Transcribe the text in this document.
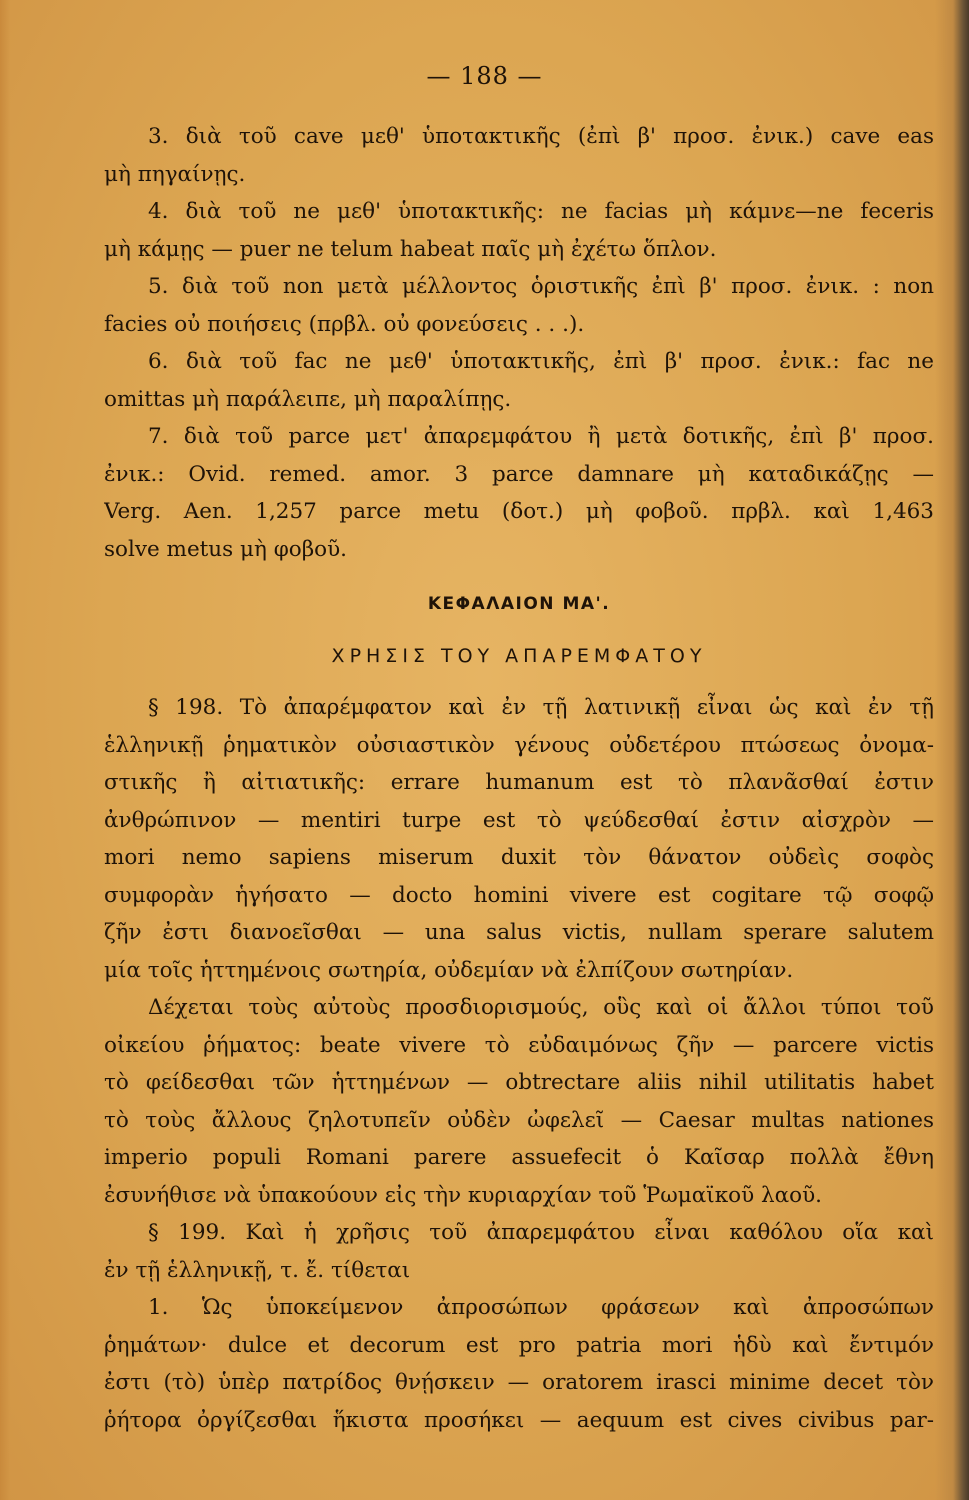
— 188 —
3. διὰ τοῦ cave μεθ' ὑποτακτικῆς (ἐπὶ β' προσ. ἐνικ.) cave eas
μὴ πηγαίνῃς.
4. διὰ τοῦ ne μεθ' ὑποτακτικῆς: ne facias μὴ κάμνε—ne feceris
μὴ κάμῃς — puer ne telum habeat παῖς μὴ ἐχέτω ὅπλον.
5. διὰ τοῦ non μετὰ μέλλοντος ὁριστικῆς ἐπὶ β' προσ. ἐνικ. : non
facies οὐ ποιήσεις (πρβλ. οὐ φονεύσεις . . .).
6. διὰ τοῦ fac ne μεθ' ὑποτακτικῆς, ἐπὶ β' προσ. ἐνικ.: fac ne
omittas μὴ παράλειπε, μὴ παραλίπῃς.
7. διὰ τοῦ parce μετ' ἀπαρεμφάτου ἢ μετὰ δοτικῆς, ἐπὶ β' προσ.
ἐνικ.: Ovid. remed. amor. 3 parce damnare μὴ καταδικάζῃς —
Verg. Aen. 1,257 parce metu (δοτ.) μὴ φοβοῦ. πρβλ. καὶ 1,463
solve metus μὴ φοβοῦ.
ΚΕΦΑΛΑΙΟΝ ΜΑ'.
ΧΡΗΣΙΣ ΤΟΥ ΑΠΑΡΕΜΦΑΤΟΥ
§ 198. Τὸ ἀπαρέμφατον καὶ ἐν τῇ λατινικῇ εἶναι ὡς καὶ ἐν τῇ
ἑλληνικῇ ῥηματικὸν οὐσιαστικὸν γένους οὐδετέρου πτώσεως ὀνομα-
στικῆς ἢ αἰτιατικῆς: errare humanum est τὸ πλανᾶσθαί ἐστιν
ἀνθρώπινον — mentiri turpe est τὸ ψεύδεσθαί ἐστιν αἰσχρὸν —
mori nemo sapiens miserum duxit τὸν θάνατον οὐδεὶς σοφὸς
συμφορὰν ἡγήσατο — docto homini vivere est cogitare τῷ σοφῷ
ζῆν ἐστι διανοεῖσθαι — una salus victis, nullam sperare salutem
μία τοῖς ἡττημένοις σωτηρία, οὐδεμίαν νὰ ἐλπίζουν σωτηρίαν.
Δέχεται τοὺς αὐτοὺς προσδιορισμούς, οὓς καὶ οἱ ἄλλοι τύποι τοῦ
οἰκείου ῥήματος: beate vivere τὸ εὐδαιμόνως ζῆν — parcere victis
τὸ φείδεσθαι τῶν ἡττημένων — obtrectare aliis nihil utilitatis habet
τὸ τοὺς ἄλλους ζηλοτυπεῖν οὐδὲν ὠφελεῖ — Caesar multas nationes
imperio populi Romani parere assuefecit ὁ Καῖσαρ πολλὰ ἔθνη
ἐσυνήθισε νὰ ὑπακούουν εἰς τὴν κυριαρχίαν τοῦ Ῥωμαϊκοῦ λαοῦ.
§ 199. Καὶ ἡ χρῆσις τοῦ ἀπαρεμφάτου εἶναι καθόλου οἵα καὶ
ἐν τῇ ἑλληνικῇ, τ. ἔ. τίθεται
1. Ὡς ὑποκείμενον ἀπροσώπων φράσεων καὶ ἀπροσώπων
ῥημάτων· dulce et decorum est pro patria mori ἡδὺ καὶ ἔντιμόν
ἐστι (τὸ) ὑπὲρ πατρίδος θνῄσκειν — oratorem irasci minime decet τὸν
ῥήτορα ὀργίζεσθαι ἥκιστα προσήκει — aequum est cives civibus par-
